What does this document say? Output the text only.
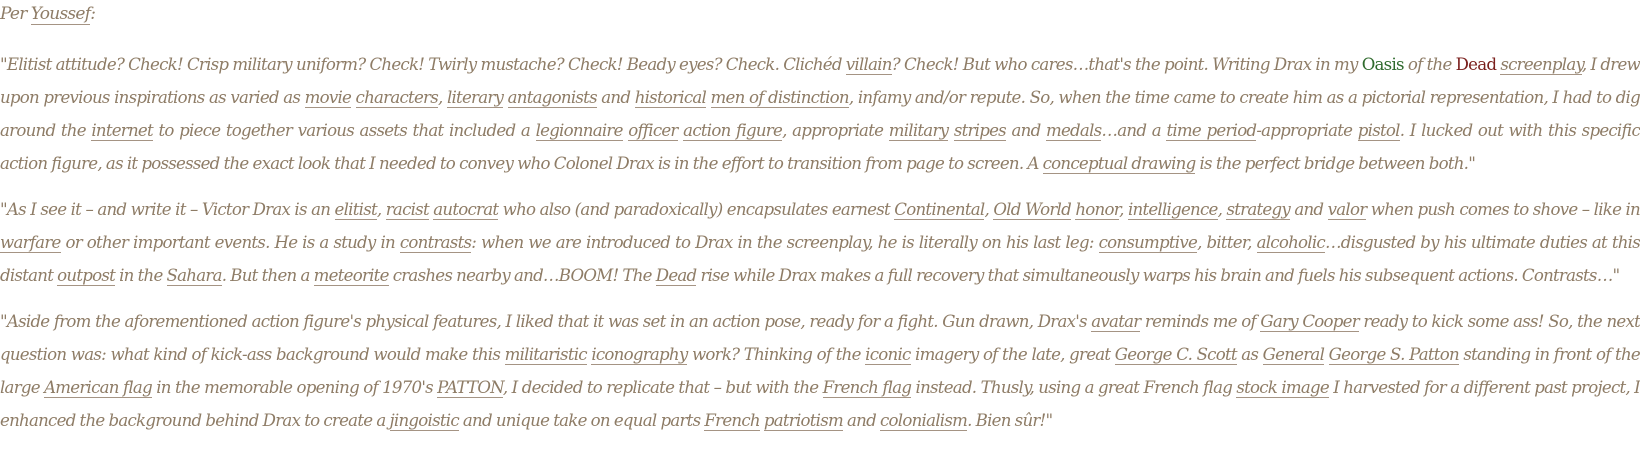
Per Youssef:

"Elitist attitude? Check! Crisp military uniform? Check! Twirly mustache? Check! Beady eyes? Check. Clichéd villain? Check! But who cares…that's the point. Writing Drax in my Oasis of the Dead screenplay, I drew upon previous inspirations as varied as movie characters, literary antagonists and historical men of distinction, infamy and/or repute. So, when the time came to create him as a pictorial representation, I had to dig around the internet to piece together various assets that included a legionnaire officer action figure, appropriate military stripes and medals…and a time period-appropriate pistol. I lucked out with this specific action figure, as it possessed the exact look that I needed to convey who Colonel Drax is in the effort to transition from page to screen. A conceptual drawing is the perfect bridge between both."

"As I see it – and write it – Victor Drax is an elitist, racist autocrat who also (and paradoxically) encapsulates earnest Continental, Old World honor, intelligence, strategy and valor when push comes to shove – like in warfare or other important events. He is a study in contrasts: when we are introduced to Drax in the screenplay, he is literally on his last leg: consumptive, bitter, alcoholic…disgusted by his ultimate duties at this distant outpost in the Sahara. But then a meteorite crashes nearby and…BOOM! The Dead rise while Drax makes a full recovery that simultaneously warps his brain and fuels his subsequent actions. Contrasts…"

"Aside from the aforementioned action figure's physical features, I liked that it was set in an action pose, ready for a fight. Gun drawn, Drax's avatar reminds me of Gary Cooper ready to kick some ass! So, the next question was: what kind of kick-ass background would make this militaristic iconography work? Thinking of the iconic imagery of the late, great George C. Scott as General George S. Patton standing in front of the large American flag in the memorable opening of 1970's PATTON, I decided to replicate that – but with the French flag instead. Thusly, using a great French flag stock image I harvested for a different past project, I enhanced the background behind Drax to create a jingoistic and unique take on equal parts French patriotism and colonialism. Bien sûr!"
